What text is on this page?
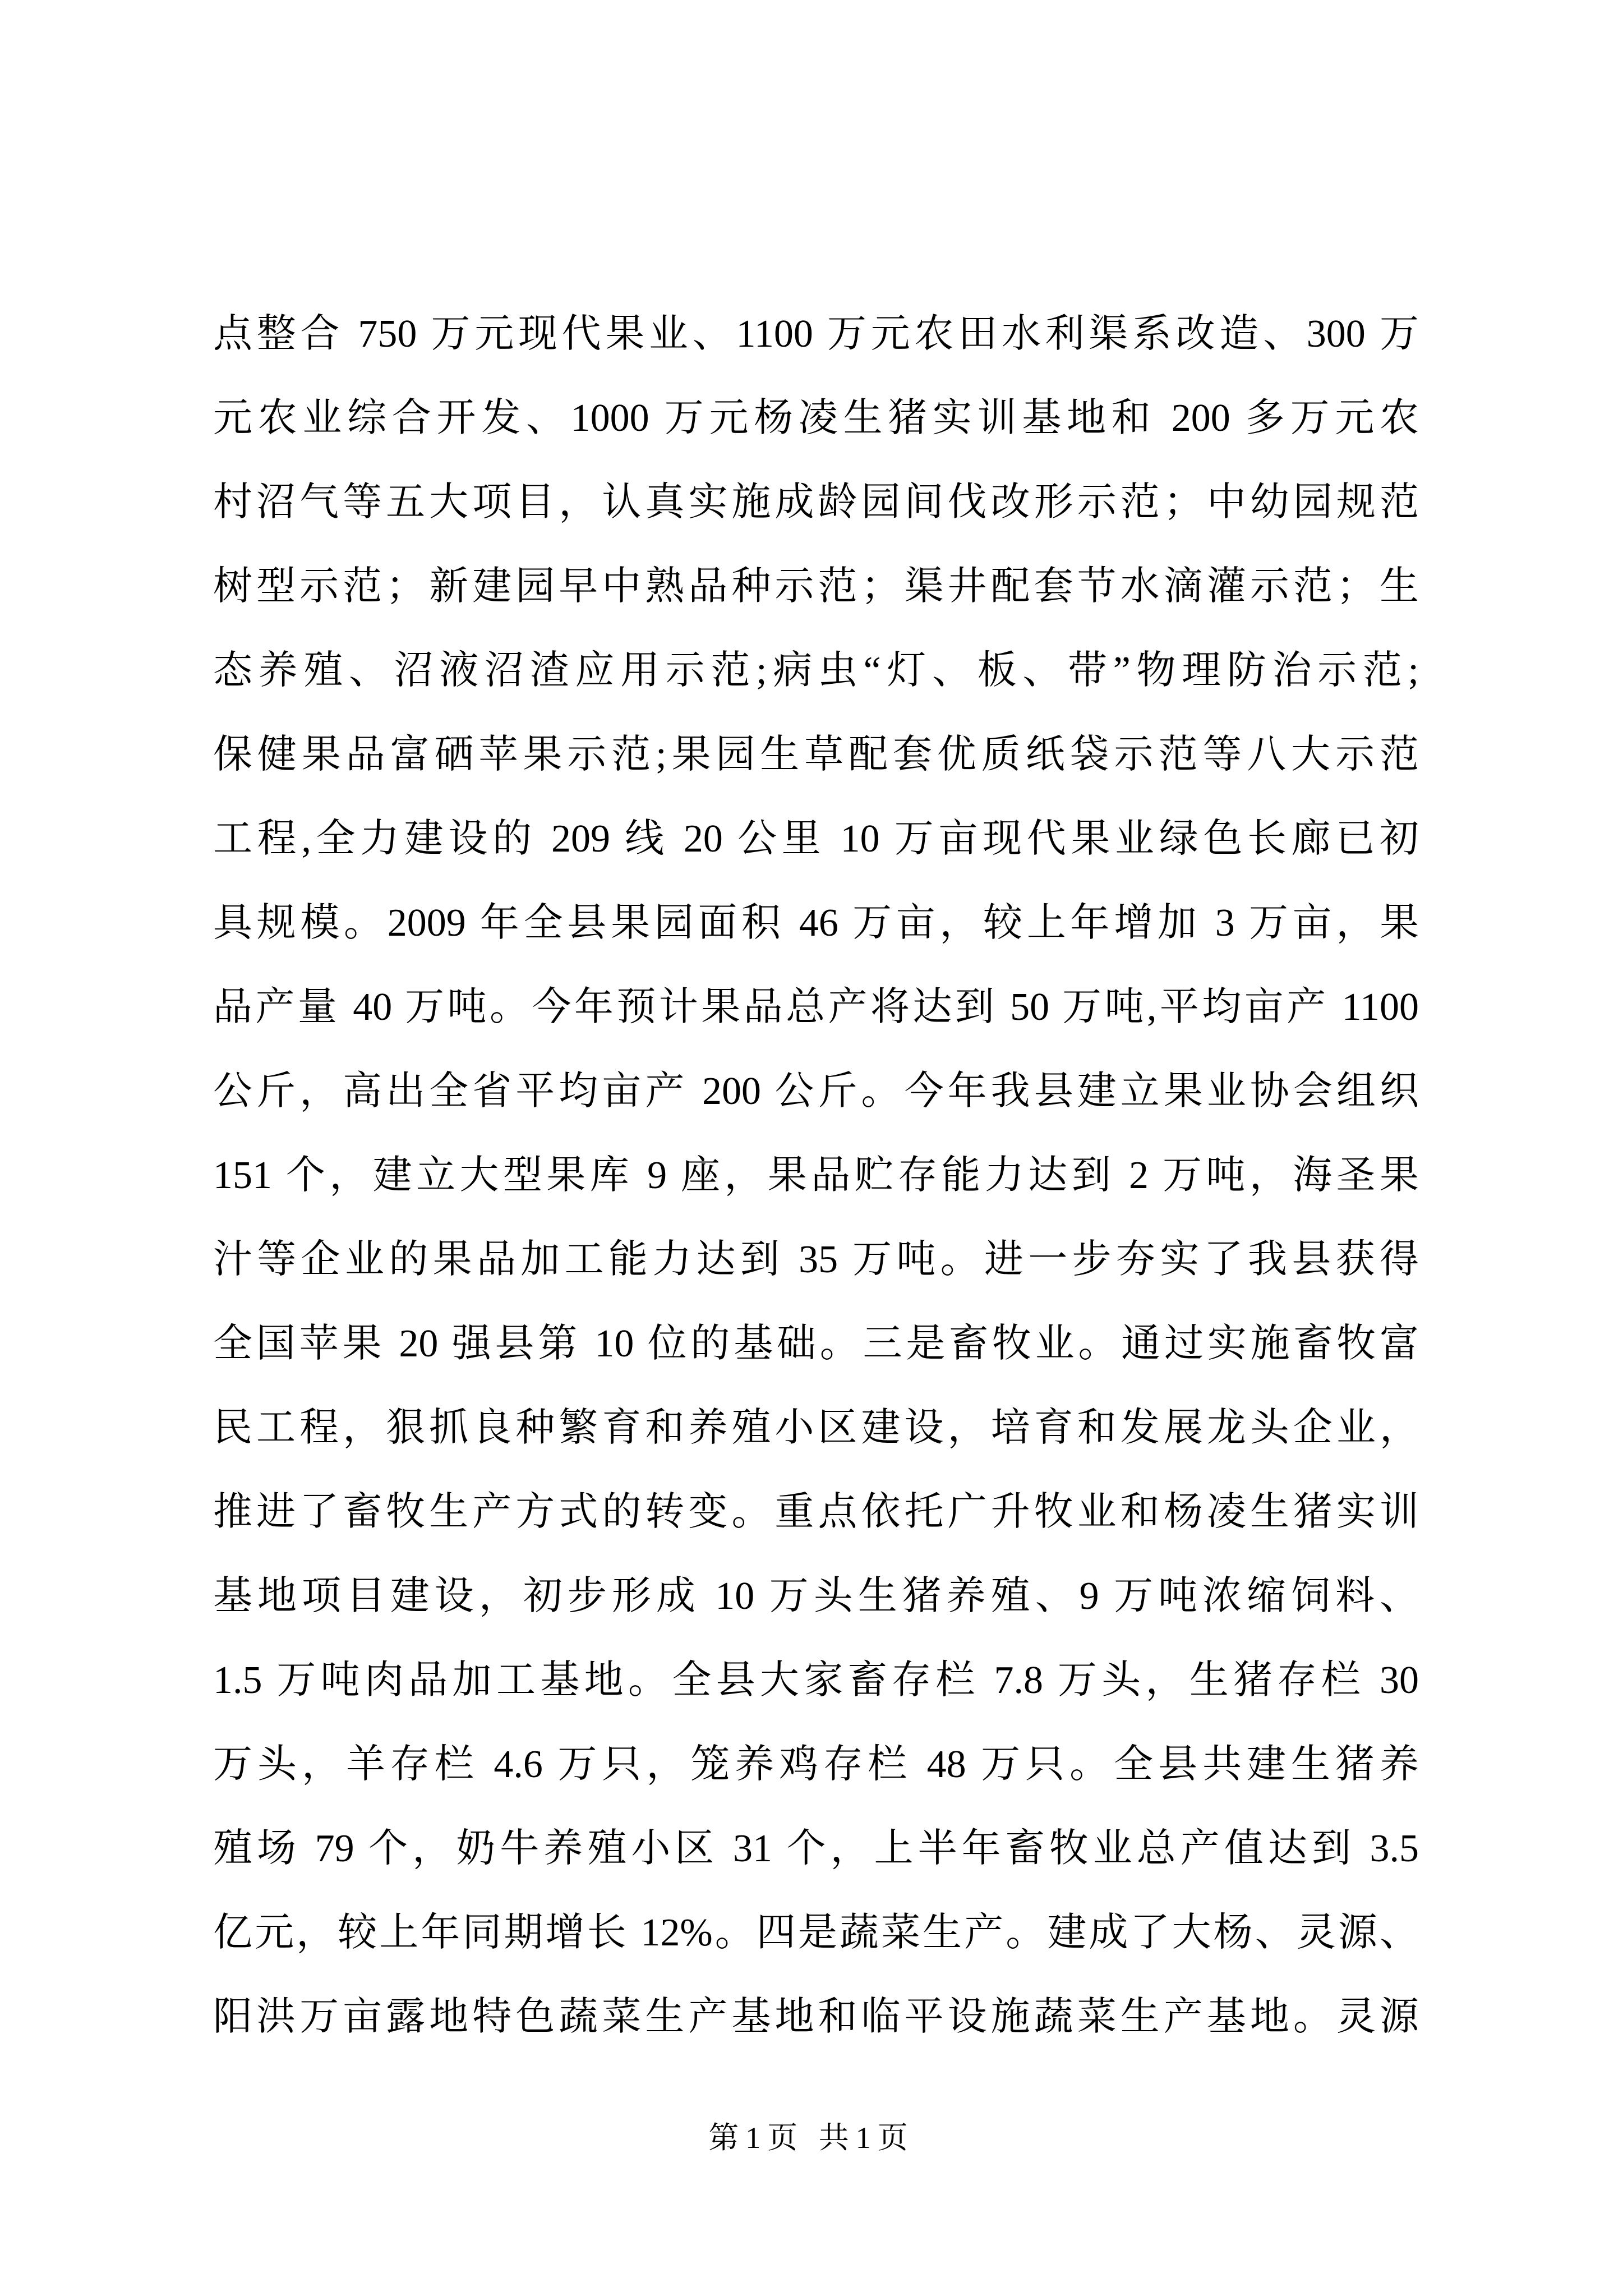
点整合 750 万元现代果业、1100 万元农田水利渠系改造、300 万
元农业综合开发、1000 万元杨凌生猪实训基地和 200 多万元农
村沼气等五大项目，认真实施成龄园间伐改形示范；中幼园规范
树型示范；新建园早中熟品种示范；渠井配套节水滴灌示范；生
态养殖、沼液沼渣应用示范;病虫“灯、板、带”物理防治示范;
保健果品富硒苹果示范;果园生草配套优质纸袋示范等八大示范
工程,全力建设的 209 线 20 公里 10 万亩现代果业绿色长廊已初
具规模。2009 年全县果园面积 46 万亩，较上年增加 3 万亩，果
品产量 40 万吨。今年预计果品总产将达到 50 万吨,平均亩产 1100
公斤，高出全省平均亩产 200 公斤。今年我县建立果业协会组织
151 个，建立大型果库 9 座，果品贮存能力达到 2 万吨，海圣果
汁等企业的果品加工能力达到 35 万吨。进一步夯实了我县获得
全国苹果 20 强县第 10 位的基础。三是畜牧业。通过实施畜牧富
民工程，狠抓良种繁育和养殖小区建设，培育和发展龙头企业，
推进了畜牧生产方式的转变。重点依托广升牧业和杨凌生猪实训
基地项目建设，初步形成 10 万头生猪养殖、9 万吨浓缩饲料、
1.5 万吨肉品加工基地。全县大家畜存栏 7.8 万头，生猪存栏 30
万头，羊存栏 4.6 万只，笼养鸡存栏 48 万只。全县共建生猪养
殖场 79 个，奶牛养殖小区 31 个，上半年畜牧业总产值达到 3.5
亿元，较上年同期增长 12%。四是蔬菜生产。建成了大杨、灵源、
阳洪万亩露地特色蔬菜生产基地和临平设施蔬菜生产基地。灵源
第1页 共1页
